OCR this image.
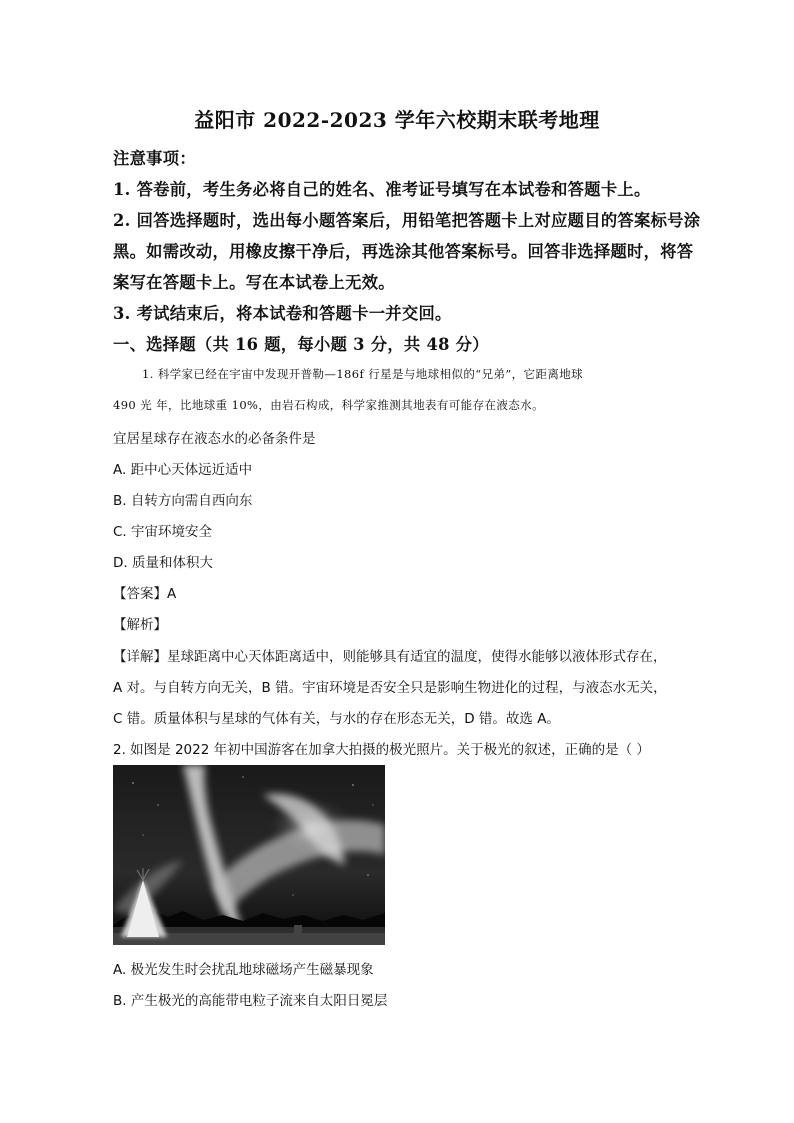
益阳市 2022-2023 学年六校期末联考地理
注意事项：
1. 答卷前，考生务必将自己的姓名、准考证号填写在本试卷和答题卡上。
2. 回答选择题时，选出每小题答案后，用铅笔把答题卡上对应题目的答案标号涂
黑。如需改动，用橡皮擦干净后，再选涂其他答案标号。回答非选择题时，将答
案写在答题卡上。写在本试卷上无效。
3. 考试结束后，将本试卷和答题卡一并交回。
一、选择题（共 16 题，每小题 3 分，共 48 分）
1. 科学家已经在宇宙中发现开普勒—186f 行星是与地球相似的“兄弟”，它距离地球
490 光 年，比地球重 10%，由岩石构成，科学家推测其地表有可能存在液态水。
宜居星球存在液态水的必备条件是
A. 距中心天体远近适中
B. 自转方向需自西向东
C. 宇宙环境安全
D. 质量和体积大
【答案】A
【解析】
【详解】星球距离中心天体距离适中，则能够具有适宜的温度，使得水能够以液体形式存在，
A 对。与自转方向无关，B 错。宇宙环境是否安全只是影响生物进化的过程，与液态水无关，
C 错。质量体积与星球的气体有关，与水的存在形态无关，D 错。故选 A。
2. 如图是 2022 年初中国游客在加拿大拍摄的极光照片。关于极光的叙述，正确的是（ ）
A. 极光发生时会扰乱地球磁场产生磁暴现象
B. 产生极光的高能带电粒子流来自太阳日冕层
